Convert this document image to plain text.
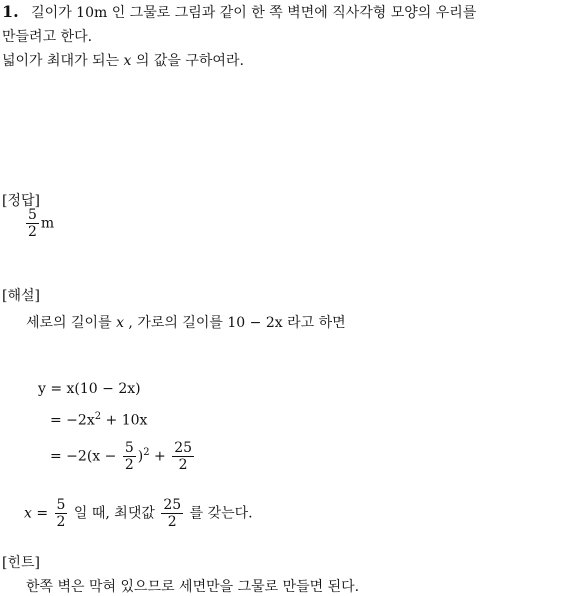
1. 길이가 10m 인 그물로 그림과 같이 한 쪽 벽면에 직사각형 모양의 우리를
만들려고 한다.
넓이가 최대가 되는 x 의 값을 구하여라.
[정답]
$\frac{5}{2}$ m
[해설]
세로의 길이를 x , 가로의 길이를 10 − 2x 라고 하면
y = x(10 − 2x)
= $-2x^2 + 10x$
= $-2(x - \frac{5}{2} )^2 + \frac{25}{2}$
$x = \frac{5}{2}$ 일 때, 최댓값 $\frac{25}{2}$ 를 갖는다.
[힌트]
한쪽 벽은 막혀 있으므로 세면만을 그물로 만들면 된다.
